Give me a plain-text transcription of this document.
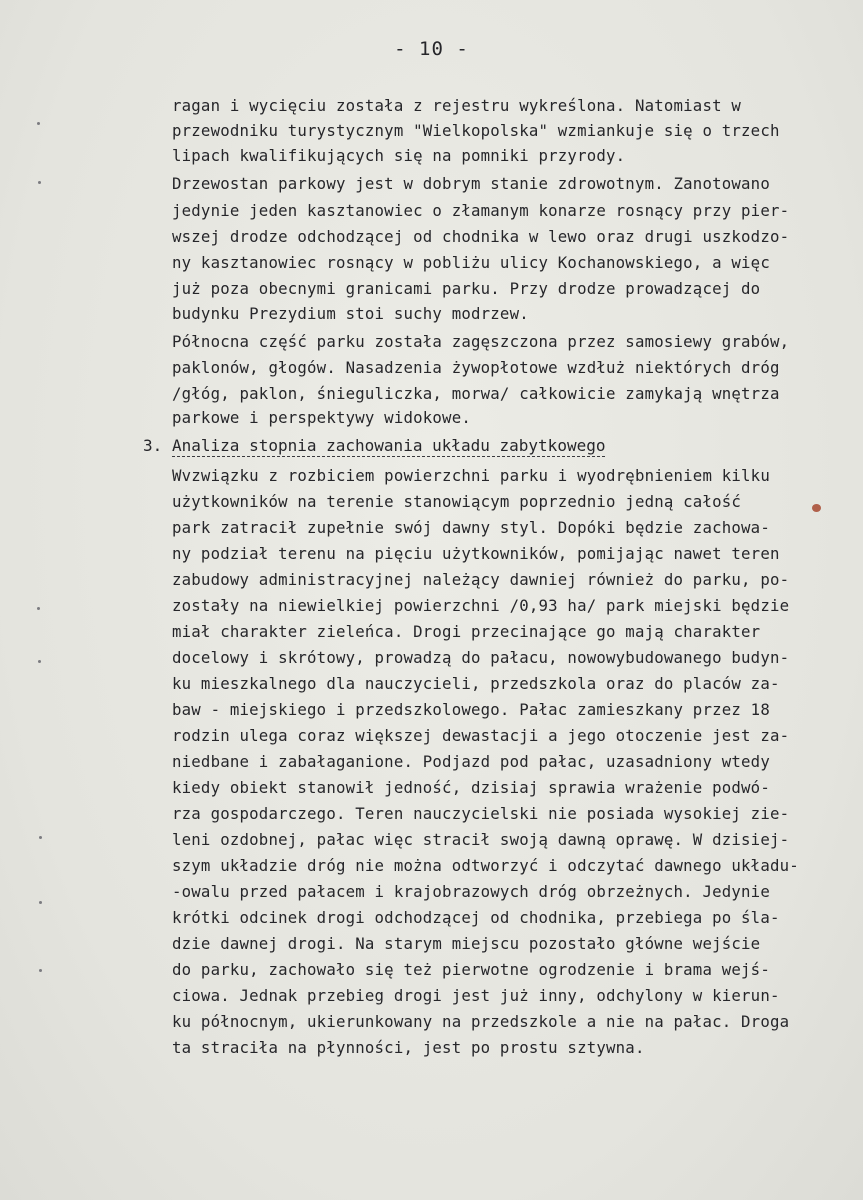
- 10 -
ragan i wycięciu została z rejestru wykreślona. Natomiast w
przewodniku turystycznym "Wielkopolska" wzmiankuje się o trzech
lipach kwalifikujących się na pomniki przyrody.
Drzewostan parkowy jest w dobrym stanie zdrowotnym. Zanotowano
jedynie jeden kasztanowiec o złamanym konarze rosnący przy pier-
wszej drodze odchodzącej od chodnika w lewo oraz drugi uszkodzo-
ny kasztanowiec rosnący w pobliżu ulicy Kochanowskiego, a więc
już poza obecnymi granicami parku. Przy drodze prowadzącej do
budynku Prezydium stoi suchy modrzew.
Północna część parku została zagęszczona przez samosiewy grabów,
paklonów, głogów. Nasadzenia żywopłotowe wzdłuż niektórych dróg
/głóg, paklon, śnieguliczka, morwa/ całkowicie zamykają wnętrza
parkowe i perspektywy widokowe.
3. Analiza stopnia zachowania układu zabytkowego
Wvzwiązku z rozbiciem powierzchni parku i wyodrębnieniem kilku
użytkowników na terenie stanowiącym poprzednio jedną całość
park zatracił zupełnie swój dawny styl. Dopóki będzie zachowa-
ny podział terenu na pięciu użytkowników, pomijając nawet teren
zabudowy administracyjnej należący dawniej również do parku, po-
zostały na niewielkiej powierzchni /0,93 ha/ park miejski będzie
miał charakter zieleńca. Drogi przecinające go mają charakter
docelowy i skrótowy, prowadzą do pałacu, nowowybudowanego budyn-
ku mieszkalnego dla nauczycieli, przedszkola oraz do placów za-
baw - miejskiego i przedszkolowego. Pałac zamieszkany przez 18
rodzin ulega coraz większej dewastacji a jego otoczenie jest za-
niedbane i zabałaganione. Podjazd pod pałac, uzasadniony wtedy
kiedy obiekt stanowił jedność, dzisiaj sprawia wrażenie podwó-
rza gospodarczego. Teren nauczycielski nie posiada wysokiej zie-
leni ozdobnej, pałac więc stracił swoją dawną oprawę. W dzisiej-
szym układzie dróg nie można odtworzyć i odczytać dawnego układu-
-owalu przed pałacem i krajobrazowych dróg obrzeżnych. Jedynie
krótki odcinek drogi odchodzącej od chodnika, przebiega po śla-
dzie dawnej drogi. Na starym miejscu pozostało główne wejście
do parku, zachowało się też pierwotne ogrodzenie i brama wejś-
ciowa. Jednak przebieg drogi jest już inny, odchylony w kierun-
ku północnym, ukierunkowany na przedszkole a nie na pałac. Droga
ta straciła na płynności, jest po prostu sztywna.
